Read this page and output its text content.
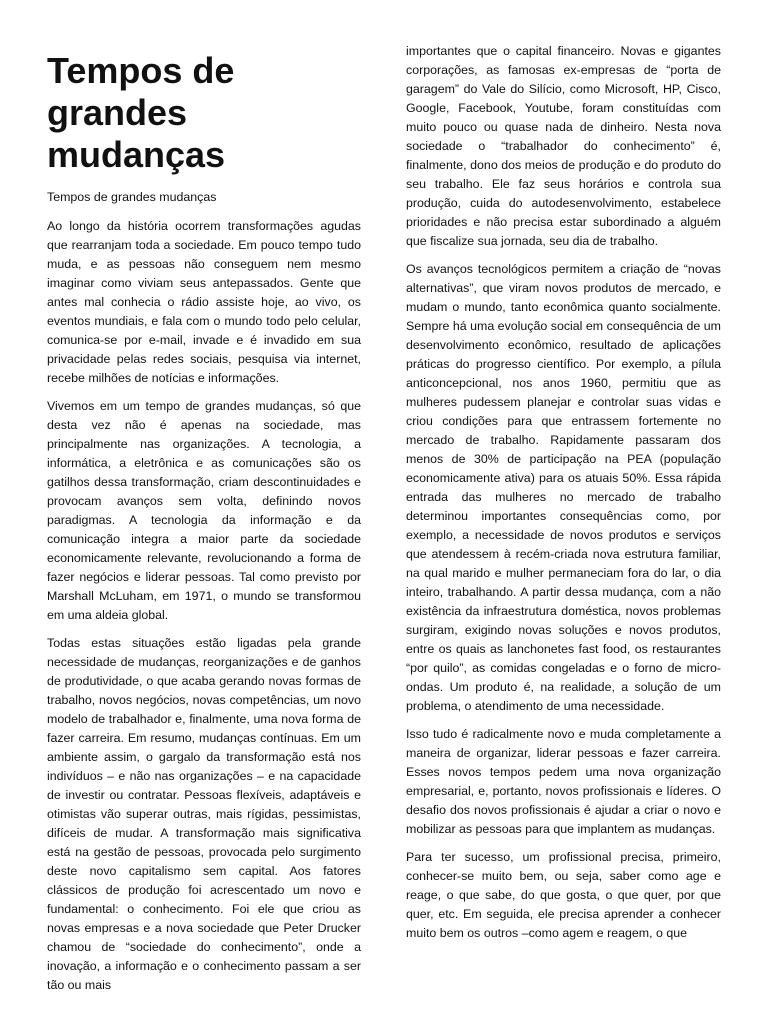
Tempos de grandes mudanças
Tempos de grandes mudanças

Ao longo da história ocorrem transformações agudas que rearranjam toda a sociedade. Em pouco tempo tudo muda, e as pessoas não conseguem nem mesmo imaginar como viviam seus antepassados. Gente que antes mal conhecia o rádio assiste hoje, ao vivo, os eventos mundiais, e fala com o mundo todo pelo celular, comunica-se por e-mail, invade e é invadido em sua privacidade pelas redes sociais, pesquisa via internet, recebe milhões de notícias e informações.

Vivemos em um tempo de grandes mudanças, só que desta vez não é apenas na sociedade, mas principalmente nas organizações. A tecnologia, a informática, a eletrônica e as comunicações são os gatilhos dessa transformação, criam descontinuidades e provocam avanços sem volta, definindo novos paradigmas. A tecnologia da informação e da comunicação integra a maior parte da sociedade economicamente relevante, revolucionando a forma de fazer negócios e liderar pessoas. Tal como previsto por Marshall McLuham, em 1971, o mundo se transformou em uma aldeia global.

Todas estas situações estão ligadas pela grande necessidade de mudanças, reorganizações e de ganhos de produtividade, o que acaba gerando novas formas de trabalho, novos negócios, novas competências, um novo modelo de trabalhador e, finalmente, uma nova forma de fazer carreira. Em resumo, mudanças contínuas. Em um ambiente assim, o gargalo da transformação está nos indivíduos – e não nas organizações – e na capacidade de investir ou contratar. Pessoas flexíveis, adaptáveis e otimistas vão superar outras, mais rígidas, pessimistas, difíceis de mudar. A transformação mais significativa está na gestão de pessoas, provocada pelo surgimento deste novo capitalismo sem capital. Aos fatores clássicos de produção foi acrescentado um novo e fundamental: o conhecimento. Foi ele que criou as novas empresas e a nova sociedade que Peter Drucker chamou de “sociedade do conhecimento”, onde a inovação, a informação e o conhecimento passam a ser tão ou mais

importantes que o capital financeiro. Novas e gigantes corporações, as famosas ex-empresas de “porta de garagem” do Vale do Silício, como Microsoft, HP, Cisco, Google, Facebook, Youtube, foram constituídas com muito pouco ou quase nada de dinheiro. Nesta nova sociedade o “trabalhador do conhecimento” é, finalmente, dono dos meios de produção e do produto do seu trabalho. Ele faz seus horários e controla sua produção, cuida do autodesenvolvimento, estabelece prioridades e não precisa estar subordinado a alguém que fiscalize sua jornada, seu dia de trabalho.

Os avanços tecnológicos permitem a criação de “novas alternativas”, que viram novos produtos de mercado, e mudam o mundo, tanto econômica quanto socialmente. Sempre há uma evolução social em consequência de um desenvolvimento econômico, resultado de aplicações práticas do progresso científico. Por exemplo, a pílula anticoncepcional, nos anos 1960, permitiu que as mulheres pudessem planejar e controlar suas vidas e criou condições para que entrassem fortemente no mercado de trabalho. Rapidamente passaram dos menos de 30% de participação na PEA (população economicamente ativa) para os atuais 50%. Essa rápida entrada das mulheres no mercado de trabalho determinou importantes consequências como, por exemplo, a necessidade de novos produtos e serviços que atendessem à recém-criada nova estrutura familiar, na qual marido e mulher permaneciam fora do lar, o dia inteiro, trabalhando. A partir dessa mudança, com a não existência da infraestrutura doméstica, novos problemas surgiram, exigindo novas soluções e novos produtos, entre os quais as lanchonetes fast food, os restaurantes “por quilo”, as comidas congeladas e o forno de micro-ondas. Um produto é, na realidade, a solução de um problema, o atendimento de uma necessidade.

Isso tudo é radicalmente novo e muda completamente a maneira de organizar, liderar pessoas e fazer carreira. Esses novos tempos pedem uma nova organização empresarial, e, portanto, novos profissionais e líderes. O desafio dos novos profissionais é ajudar a criar o novo e mobilizar as pessoas para que implantem as mudanças.

Para ter sucesso, um profissional precisa, primeiro, conhecer-se muito bem, ou seja, saber como age e reage, o que sabe, do que gosta, o que quer, por que quer, etc. Em seguida, ele precisa aprender a conhecer muito bem os outros –como agem e reagem, o que
